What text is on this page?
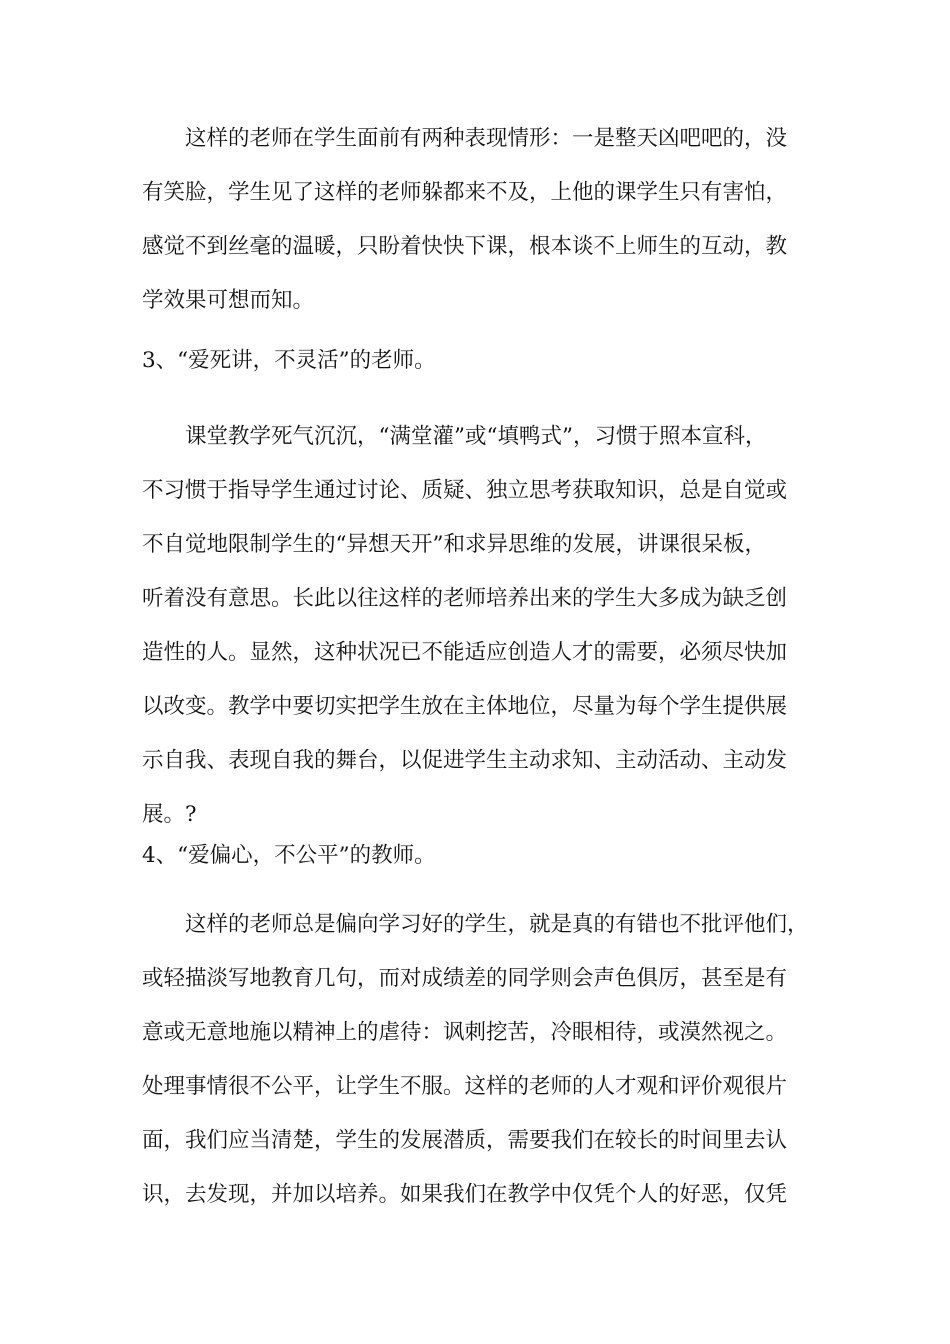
这样的老师在学生面前有两种表现情形：一是整天凶吧吧的，没
有笑脸，学生见了这样的老师躲都来不及，上他的课学生只有害怕，
感觉不到丝毫的温暖，只盼着快快下课，根本谈不上师生的互动，教
学效果可想而知。
3、“爱死讲，不灵活”的老师。
课堂教学死气沉沉，“满堂灌”或“填鸭式”，习惯于照本宣科，
不习惯于指导学生通过讨论、质疑、独立思考获取知识，总是自觉或
不自觉地限制学生的“异想天开”和求异思维的发展，讲课很呆板，
听着没有意思。长此以往这样的老师培养出来的学生大多成为缺乏创
造性的人。显然，这种状况已不能适应创造人才的需要，必须尽快加
以改变。教学中要切实把学生放在主体地位，尽量为每个学生提供展
示自我、表现自我的舞台，以促进学生主动求知、主动活动、主动发
展。?
4、“爱偏心，不公平”的教师。
这样的老师总是偏向学习好的学生，就是真的有错也不批评他们，
或轻描淡写地教育几句，而对成绩差的同学则会声色俱厉，甚至是有
意或无意地施以精神上的虐待：讽刺挖苦，冷眼相待，或漠然视之。
处理事情很不公平，让学生不服。这样的老师的人才观和评价观很片
面，我们应当清楚，学生的发展潜质，需要我们在较长的时间里去认
识，去发现，并加以培养。如果我们在教学中仅凭个人的好恶，仅凭
